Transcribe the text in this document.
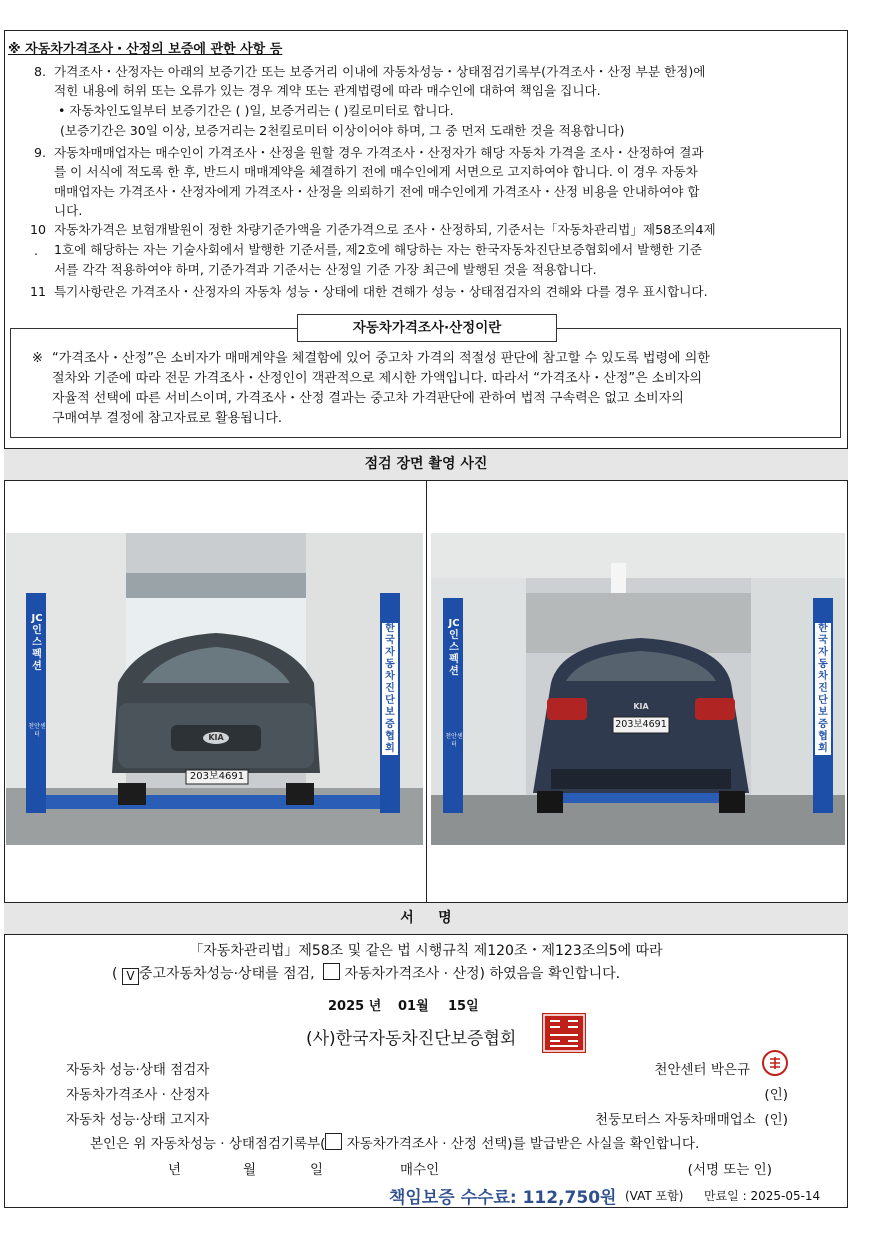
※ 자동차가격조사・산정의 보증에 관한 사항 등
8. 가격조사・산정자는 아래의 보증기간 또는 보증거리 이내에 자동차성능・상태점검기록부(가격조사・산정 부분 한정)에
적힌 내용에 허위 또는 오류가 있는 경우 계약 또는 관계법령에 따라 매수인에 대하여 책임을 집니다.
• 자동차인도일부터 보증기간은 ( )일, 보증거리는 ( )킬로미터로 합니다.
(보증기간은 30일 이상, 보증거리는 2천킬로미터 이상이어야 하며, 그 중 먼저 도래한 것을 적용합니다)
9. 자동차매매업자는 매수인이 가격조사・산정을 원할 경우 가격조사・산정자가 해당 자동차 가격을 조사・산정하여 결과
를 이 서식에 적도록 한 후, 반드시 매매계약을 체결하기 전에 매수인에게 서면으로 고지하여야 합니다. 이 경우 자동차
매매업자는 가격조사・산정자에게 가격조사・산정을 의뢰하기 전에 매수인에게 가격조사・산정 비용을 안내하여야 합
니다.
10
.
자동차가격은 보험개발원이 정한 차량기준가액을 기준가격으로 조사・산정하되, 기준서는「자동차관리법」제58조의4제
1호에 해당하는 자는 기술사회에서 발행한 기준서를, 제2호에 해당하는 자는 한국자동차진단보증협회에서 발행한 기준
서를 각각 적용하여야 하며, 기준가격과 기준서는 산정일 기준 가장 최근에 발행된 것을 적용합니다.
11 특기사항란은 가격조사・산정자의 자동차 성능・상태에 대한 견해가 성능・상태점검자의 견해와 다를 경우 표시합니다.
자동차가격조사·산정이란
※ “가격조사・산정”은 소비자가 매매계약을 체결함에 있어 중고차 가격의 적절성 판단에 참고할 수 있도록 법령에 의한
절차와 기준에 따라 전문 가격조사・산정인이 객관적으로 제시한 가액입니다. 따라서 “가격조사・산정”은 소비자의
자율적 선택에 따른 서비스이며, 가격조사・산정 결과는 중고차 가격판단에 관하여 법적 구속력은 없고 소비자의
구매여부 결정에 참고자료로 활용됩니다.
점검 장면 촬영 사진
JC 인스펙션
천안센터
한국자동차진단보증협회
203보4691
KIA
JC 인스펙션
천안센터
한국자동차진단보증협회
203보4691
KIA
서     명
「자동차관리법」제58조 및 같은 법 시행규칙 제120조・제123조의5에 따라
( V 중고자동차성능·상태를 점검, 자동차가격조사 · 산정) 하였음을 확인합니다.
2025 년 01월 15일
(사)한국자동차진단보증협회
자동차 성능·상태 점검자	천안센터 박은규
자동차가격조사 · 산정자	(인)
자동차 성능·상태 고지자	천둥모터스 자동차매매업소  (인)
본인은 위 자동차성능 · 상태점검기록부( 자동차가격조사 · 산정 선택)를 발급받은 사실을 확인합니다.
년	월	일	매수인	(서명 또는 인)
책임보증 수수료: 112,750원 (VAT 포함) 만료일 : 2025-05-14
